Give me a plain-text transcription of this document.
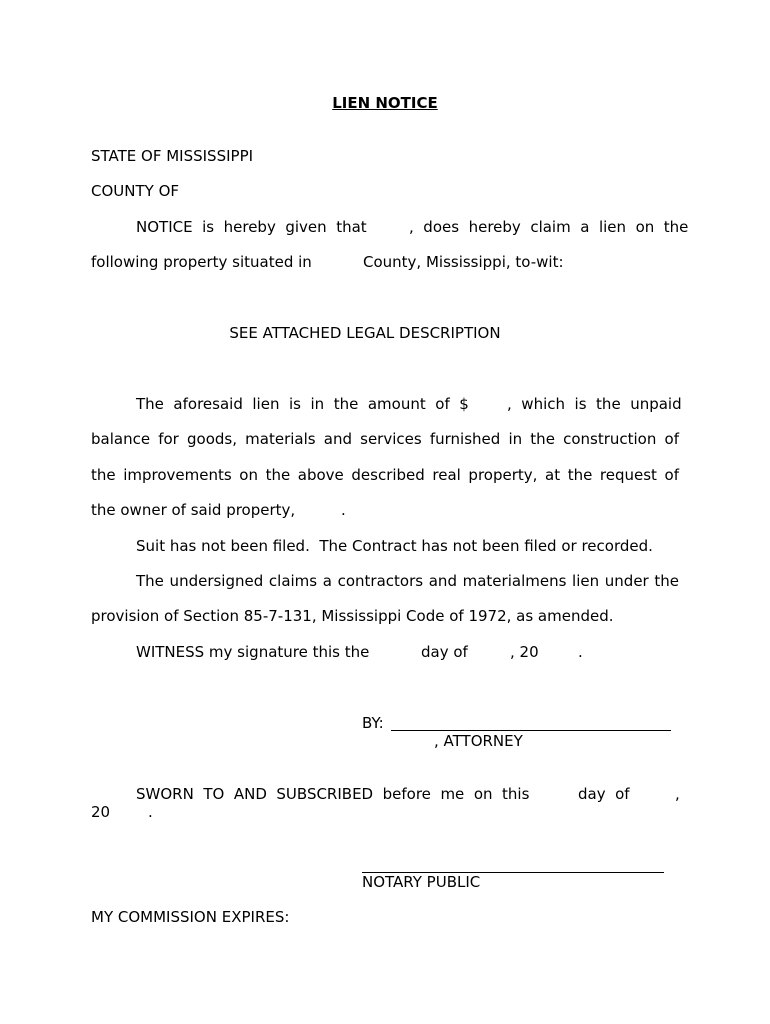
LIEN NOTICE
STATE OF MISSISSIPPI
COUNTY OF
NOTICE  is  hereby  given  that	,  does  hereby  claim  a  lien  on  the
following property situated in	County, Mississippi, to-wit:
SEE ATTACHED LEGAL DESCRIPTION
The  aforesaid  lien  is  in  the  amount  of  $	,  which  is  the  unpaid
balance for goods, materials and services furnished in the construction of
the improvements on the above described real property, at the request of
the owner of said property,	.
Suit has not been filed.  The Contract has not been filed or recorded.
The undersigned claims a contractors and materialmens lien under the
provision of Section 85-7-131, Mississippi Code of 1972, as amended.
WITNESS my signature this the	day of	, 20	.
BY:
, ATTORNEY
SWORN  TO  AND  SUBSCRIBED  before  me  on  this	day  of	,
20	.
NOTARY PUBLIC
MY COMMISSION EXPIRES:
